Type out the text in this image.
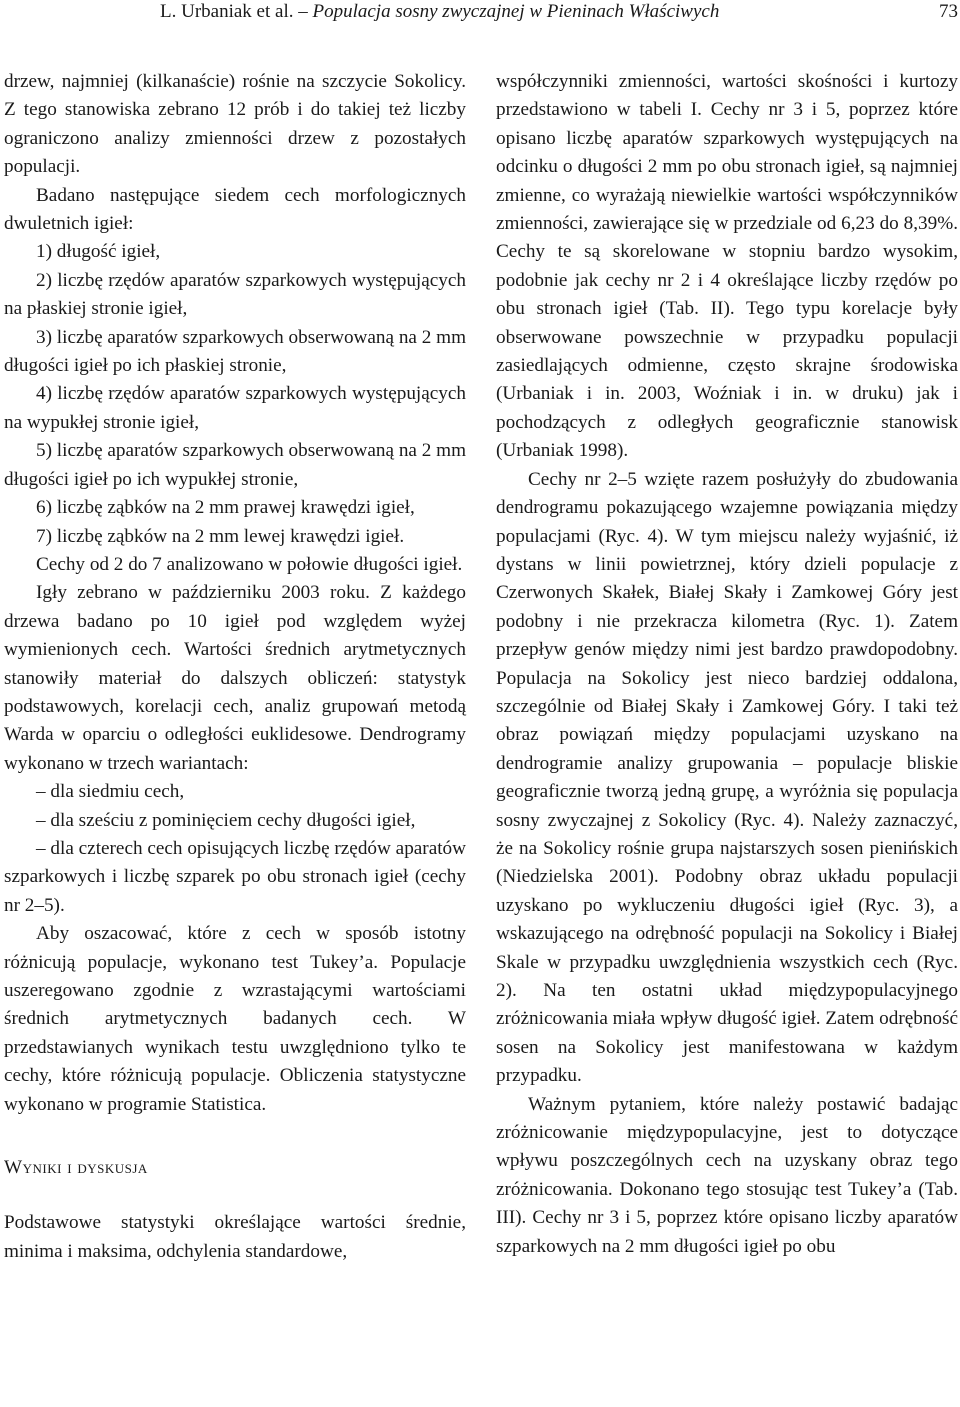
L. Urbaniak et al. – Populacja sosny zwyczajnej w Pieninach Właściwych	73

drzew, najmniej (kilkanaście) rośnie na szczycie Sokolicy. Z tego stanowiska zebrano 12 prób i do takiej też liczby ograniczono analizy zmienności drzew z pozostałych populacji.

Badano następujące siedem cech morfologicznych dwuletnich igieł:

1) długość igieł,

2) liczbę rzędów aparatów szparkowych występujących na płaskiej stronie igieł,

3) liczbę aparatów szparkowych obserwowaną na 2 mm długości igieł po ich płaskiej stronie,

4) liczbę rzędów aparatów szparkowych występujących na wypukłej stronie igieł,

5) liczbę aparatów szparkowych obserwowaną na 2 mm długości igieł po ich wypukłej stronie,

6) liczbę ząbków na 2 mm prawej krawędzi igieł,

7) liczbę ząbków na 2 mm lewej krawędzi igieł.

Cechy od 2 do 7 analizowano w połowie długości igieł.

Igły zebrano w październiku 2003 roku. Z każdego drzewa badano po 10 igieł pod względem wyżej wymienionych cech. Wartości średnich arytmetycznych stanowiły materiał do dalszych obliczeń: statystyk podstawowych, korelacji cech, analiz grupowań metodą Warda w oparciu o odległości euklidesowe. Dendrogramy wykonano w trzech wariantach:

– dla siedmiu cech,

– dla sześciu z pominięciem cechy długości igieł,

– dla czterech cech opisujących liczbę rzędów aparatów szparkowych i liczbę szparek po obu stronach igieł (cechy nr 2–5).

Aby oszacować, które z cech w sposób istotny różnicują populacje, wykonano test Tukey’a. Populacje uszeregowano zgodnie z wzrastającymi wartościami średnich arytmetycznych badanych cech. W przedstawianych wynikach testu uwzględniono tylko te cechy, które różnicują populacje. Obliczenia statystyczne wykonano w programie Statistica.

Wyniki i dyskusja

Podstawowe statystyki określające wartości średnie, minima i maksima, odchylenia standardowe,

współczynniki zmienności, wartości skośności i kurtozy przedstawiono w tabeli I. Cechy nr 3 i 5, poprzez które opisano liczbę aparatów szparkowych występujących na odcinku o długości 2 mm po obu stronach igieł, są najmniej zmienne, co wyrażają niewielkie wartości współczynników zmienności, zawierające się w przedziale od 6,23 do 8,39%. Cechy te są skorelowane w stopniu bardzo wysokim, podobnie jak cechy nr 2 i 4 określające liczby rzędów po obu stronach igieł (Tab. II). Tego typu korelacje były obserwowane powszechnie w przypadku populacji zasiedlających odmienne, często skrajne środowiska (Urbaniak i in. 2003, Woźniak i in. w druku) jak i pochodzących z odległych geograficznie stanowisk (Urbaniak 1998).

Cechy nr 2–5 wzięte razem posłużyły do zbudowania dendrogramu pokazującego wzajemne powiązania między populacjami (Ryc. 4). W tym miejscu należy wyjaśnić, iż dystans w linii powietrznej, który dzieli populacje z Czerwonych Skałek, Białej Skały i Zamkowej Góry jest podobny i nie przekracza kilometra (Ryc. 1). Zatem przepływ genów między nimi jest bardzo prawdopodobny. Populacja na Sokolicy jest nieco bardziej oddalona, szczególnie od Białej Skały i Zamkowej Góry. I taki też obraz powiązań między populacjami uzyskano na dendrogramie analizy grupowania – populacje bliskie geograficznie tworzą jedną grupę, a wyróżnia się populacja sosny zwyczajnej z Sokolicy (Ryc. 4). Należy zaznaczyć, że na Sokolicy rośnie grupa najstarszych sosen pienińskich (Niedzielska 2001). Podobny obraz układu populacji uzyskano po wykluczeniu długości igieł (Ryc. 3), a wskazującego na odrębność populacji na Sokolicy i Białej Skale w przypadku uwzględnienia wszystkich cech (Ryc. 2). Na ten ostatni układ międzypopulacyjnego zróżnicowania miała wpływ długość igieł. Zatem odrębność sosen na Sokolicy jest manifestowana w każdym przypadku.

Ważnym pytaniem, które należy postawić badając zróżnicowanie międzypopulacyjne, jest to dotyczące wpływu poszczególnych cech na uzyskany obraz tego zróżnicowania. Dokonano tego stosując test Tukey’a (Tab. III). Cechy nr 3 i 5, poprzez które opisano liczby aparatów szparkowych na 2 mm długości igieł po obu
